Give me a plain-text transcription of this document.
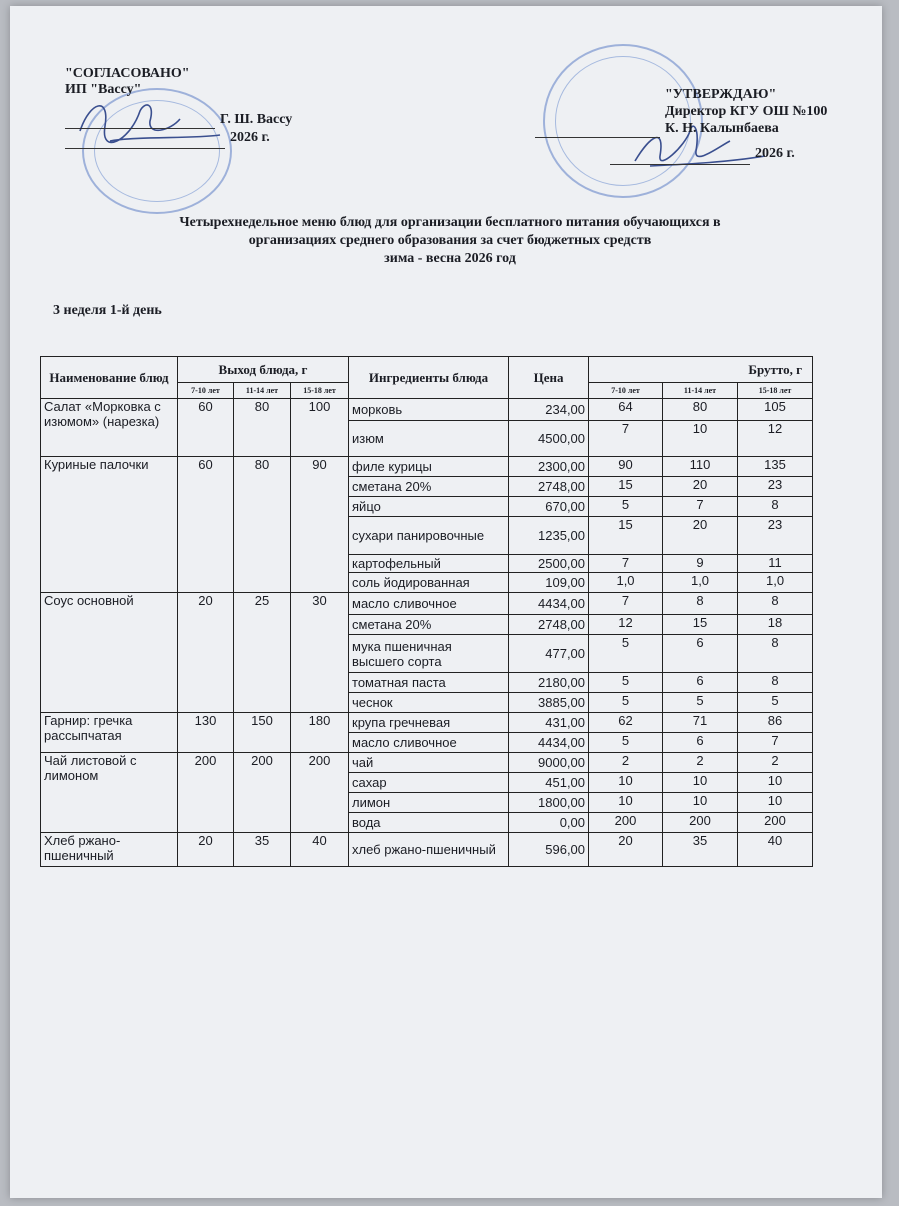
"СОГЛАСОВАНО"
ИП "Вассу"
Г. Ш. Вассу
2026 г.
"УТВЕРЖДАЮ"
Директор КГУ ОШ №100
К. Н. Калынбаева
2026 г.
Четырехнедельное меню блюд для организации бесплатного питания обучающихся в
организациях среднего образования за счет бюджетных средств
зима - весна 2026 год
3 неделя 1-й день
Наименование блюд	Выход блюда, г			Ингредиенты блюда	Цена	Брутто, г		
	7-10 лет	11-14 лет	15-18 лет			7-10 лет	11-14 лет	15-18 лет
Салат «Морковка с изюмом» (нарезка)	60	80	100	морковь	234,00	64	80	105
				изюм	4500,00	7	10	12
Куриные палочки	60	80	90	филе курицы	2300,00	90	110	135
				сметана 20%	2748,00	15	20	23
				яйцо	670,00	5	7	8
				сухари панировочные	1235,00	15	20	23
				картофельный	2500,00	7	9	11
				соль йодированная	109,00	1,0	1,0	1,0
Соус основной	20	25	30	масло сливочное	4434,00	7	8	8
				сметана 20%	2748,00	12	15	18
				мука пшеничная высшего сорта	477,00	5	6	8
				томатная паста	2180,00	5	6	8
				чеснок	3885,00	5	5	5
Гарнир: гречка рассыпчатая	130	150	180	крупа гречневая	431,00	62	71	86
				масло сливочное	4434,00	5	6	7
Чай листовой с лимоном	200	200	200	чай	9000,00	2	2	2
				сахар	451,00	10	10	10
				лимон	1800,00	10	10	10
				вода	0,00	200	200	200
Хлеб ржано-пшеничный	20	35	40	хлеб ржано-пшеничный	596,00	20	35	40
